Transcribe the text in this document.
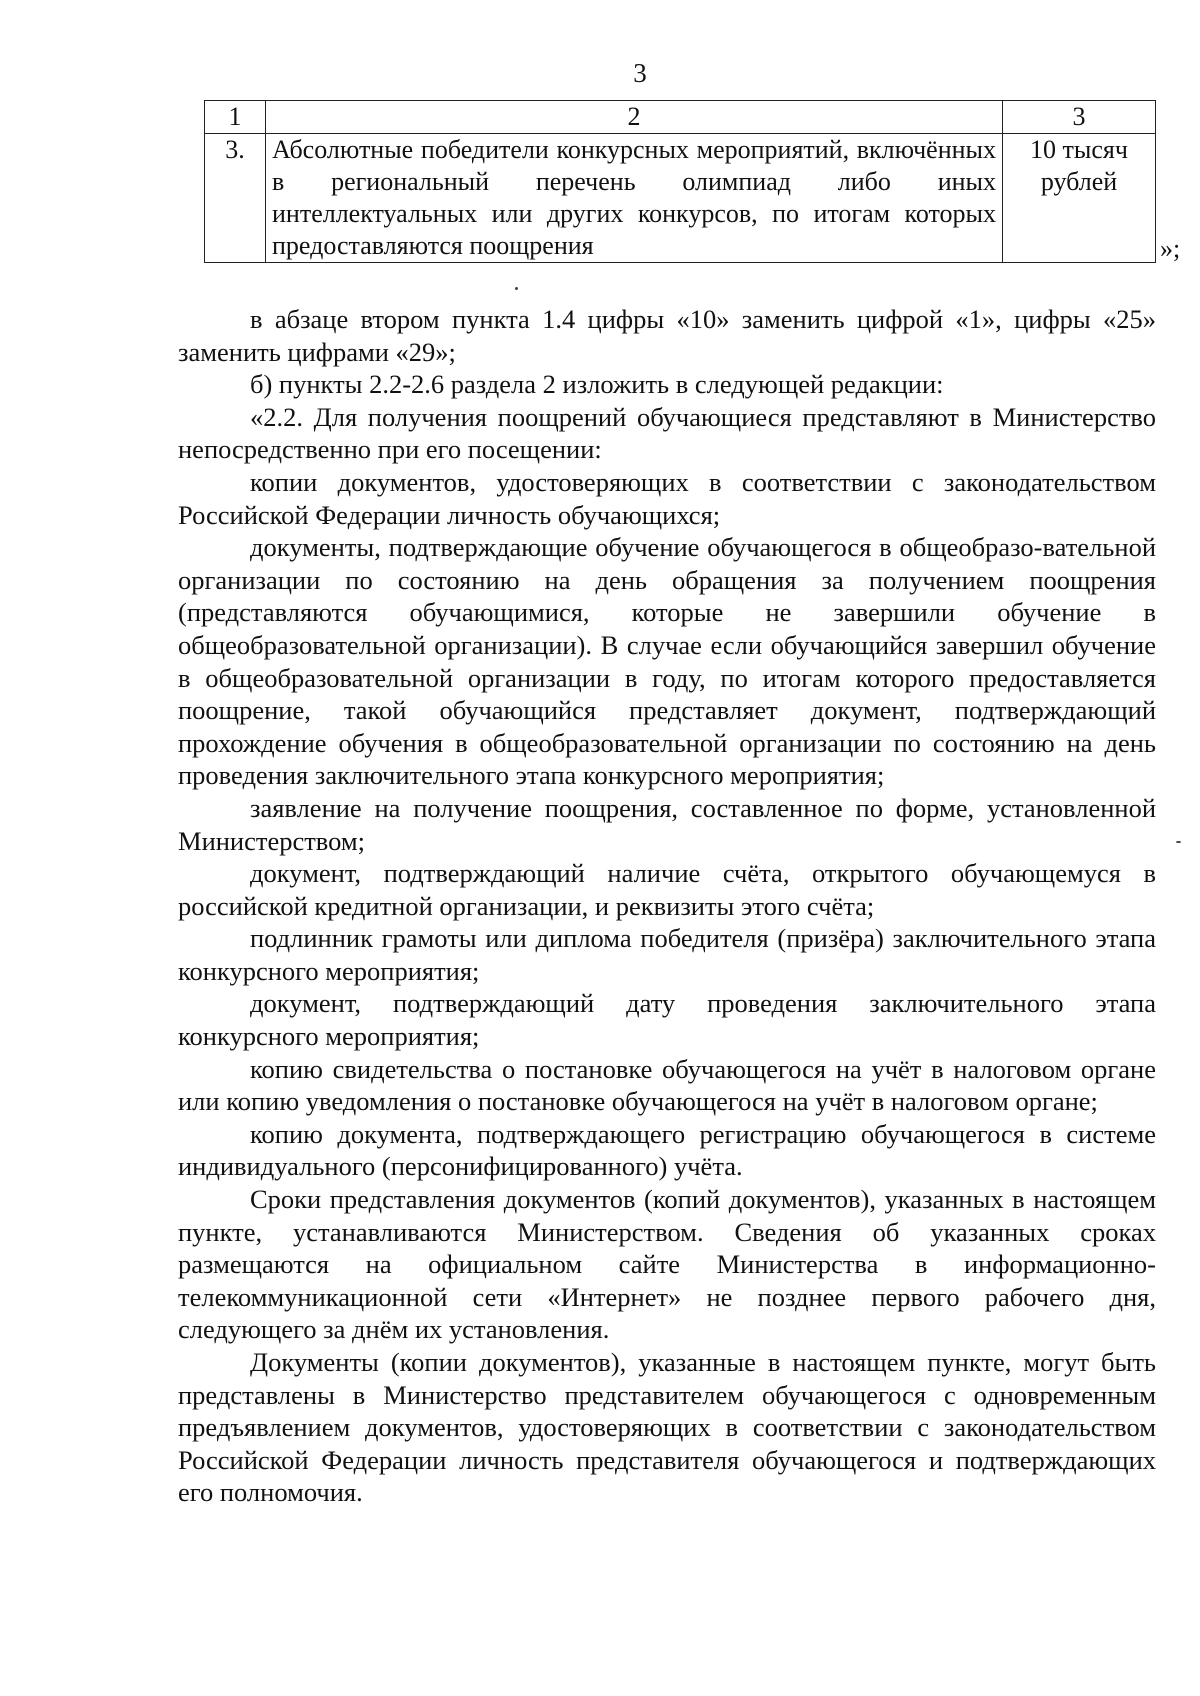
3
1	2	3
3.	Абсолютные победители конкурсных мероприятий, включённых в региональный перечень олимпиад либо иных интеллектуальных или других конкурсов, по итогам которых предоставляются поощрения	10 тысяч рублей
»;

в абзаце втором пункта 1.4 цифры «10» заменить цифрой «1», цифры «25» заменить цифрами «29»;

б) пункты 2.2-2.6 раздела 2 изложить в следующей редакции:

«2.2. Для получения поощрений обучающиеся представляют в Министерство непосредственно при его посещении:

копии документов, удостоверяющих в соответствии с законодательством Российской Федерации личность обучающихся;

документы, подтверждающие обучение обучающегося в общеобразо-вательной организации по состоянию на день обращения за получением поощрения (представляются обучающимися, которые не завершили обучение в общеобразовательной организации). В случае если обучающийся завершил обучение в общеобразовательной организации в году, по итогам которого предоставляется поощрение, такой обучающийся представляет документ, подтверждающий прохождение обучения в общеобразовательной организации по состоянию на день проведения заключительного этапа конкурсного мероприятия;

заявление на получение поощрения, составленное по форме, установленной Министерством;

документ, подтверждающий наличие счёта, открытого обучающемуся в российской кредитной организации, и реквизиты этого счёта;

подлинник грамоты или диплома победителя (призёра) заключительного этапа конкурсного мероприятия;

документ, подтверждающий дату проведения заключительного этапа конкурсного мероприятия;

копию свидетельства о постановке обучающегося на учёт в налоговом органе или копию уведомления о постановке обучающегося на учёт в налоговом органе;

копию документа, подтверждающего регистрацию обучающегося в системе индивидуального (персонифицированного) учёта.

Сроки представления документов (копий документов), указанных в настоящем пункте, устанавливаются Министерством. Сведения об указанных сроках размещаются на официальном сайте Министерства в информационно-телекоммуникационной сети «Интернет» не позднее первого рабочего дня, следующего за днём их установления.

Документы (копии документов), указанные в настоящем пункте, могут быть представлены в Министерство представителем обучающегося с одновременным предъявлением документов, удостоверяющих в соответствии с законодательством Российской Федерации личность представителя обучающегося и подтверждающих его полномочия.
